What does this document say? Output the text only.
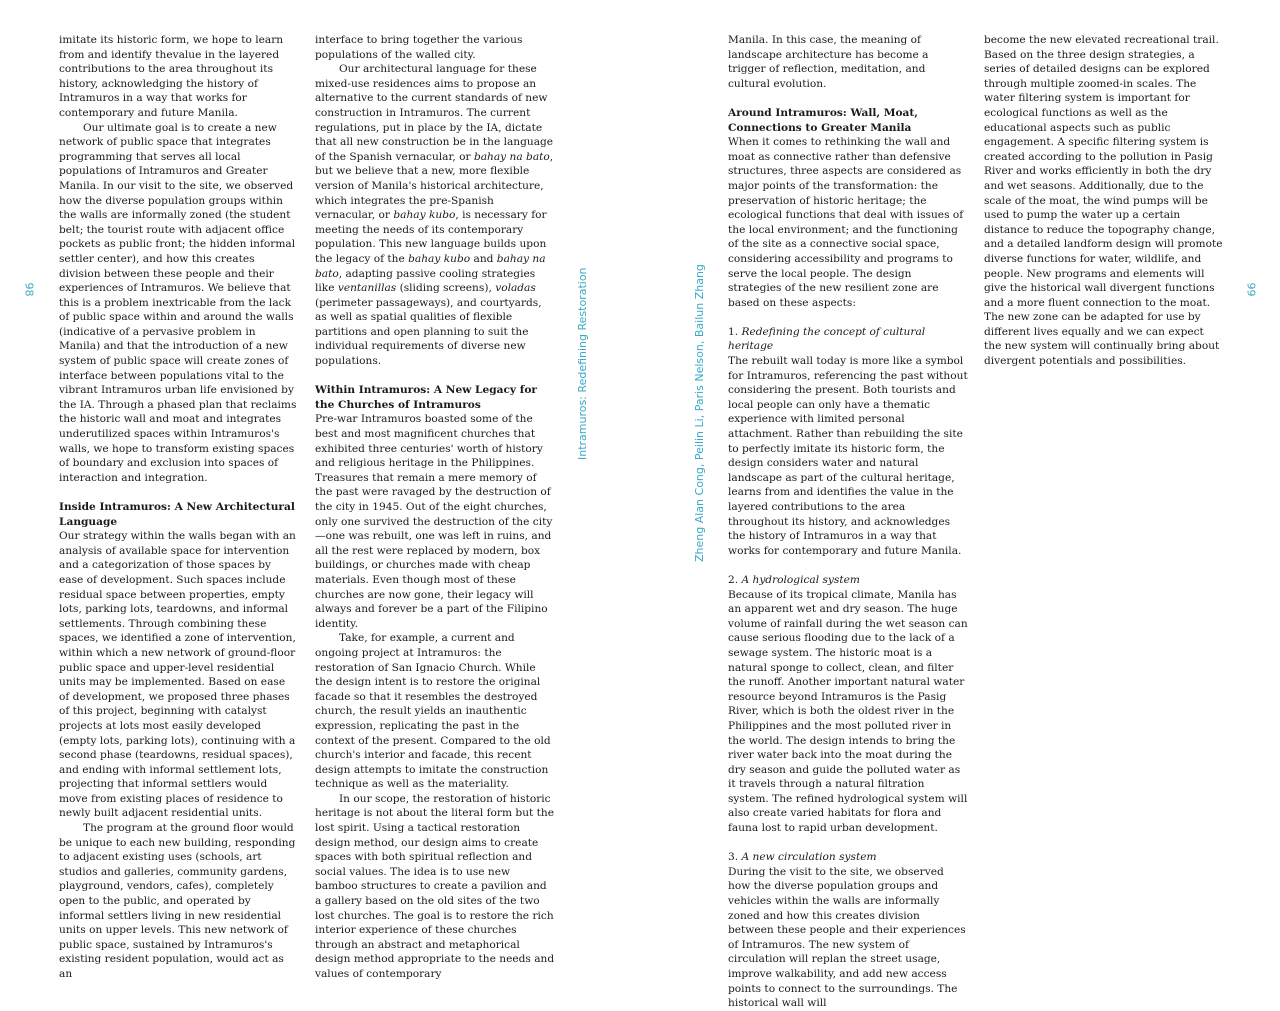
98	99
Intramuros: Redefining Restoration	Zheng Alan Cong, Peilin Li, Paris Nelson, Bailun Zhang

imitate its historic form, we hope to learn from and identify thevalue in the layered contributions to the area throughout its history, acknowledging the history of Intramuros in a way that works for contemporary and future Manila.

Our ultimate goal is to create a new network of public space that integrates programming that serves all local populations of Intramuros and Greater Manila. In our visit to the site, we observed how the diverse population groups within the walls are informally zoned (the student belt; the tourist route with adjacent office pockets as public front; the hidden informal settler center), and how this creates division between these people and their experiences of Intramuros. We believe that this is a problem inextricable from the lack of public space within and around the walls (indicative of a pervasive problem in Manila) and that the introduction of a new system of public space will create zones of interface between populations vital to the vibrant Intramuros urban life envisioned by the IA. Through a phased plan that reclaims the historic wall and moat and integrates underutilized spaces within Intramuros's walls, we hope to transform existing spaces of boundary and exclusion into spaces of interaction and integration.

Inside Intramuros: A New Architectural Language

Our strategy within the walls began with an analysis of available space for intervention and a categorization of those spaces by ease of development. Such spaces include residual space between properties, empty lots, parking lots, teardowns, and informal settlements. Through combining these spaces, we identified a zone of intervention, within which a new network of ground-floor public space and upper-level residential units may be implemented. Based on ease of development, we proposed three phases of this project, beginning with catalyst projects at lots most easily developed (empty lots, parking lots), continuing with a second phase (teardowns, residual spaces), and ending with informal settlement lots, projecting that informal settlers would move from existing places of residence to newly built adjacent residential units.

The program at the ground floor would be unique to each new building, responding to adjacent existing uses (schools, art studios and galleries, community gardens, playground, vendors, cafes), completely open to the public, and operated by informal settlers living in new residential units on upper levels. This new network of public space, sustained by Intramuros's existing resident population, would act as an

interface to bring together the various populations of the walled city.

Our architectural language for these mixed-use residences aims to propose an alternative to the current standards of new construction in Intramuros. The current regulations, put in place by the IA, dictate that all new construction be in the language of the Spanish vernacular, or bahay na bato, but we believe that a new, more flexible version of Manila's historical architecture, which integrates the pre-Spanish vernacular, or bahay kubo, is necessary for meeting the needs of its contemporary population. This new language builds upon the legacy of the bahay kubo and bahay na bato, adapting passive cooling strategies like ventanillas (sliding screens), voladas (perimeter passageways), and courtyards, as well as spatial qualities of flexible partitions and open planning to suit the individual requirements of diverse new populations.

Within Intramuros: A New Legacy for the Churches of Intramuros

Pre-war Intramuros boasted some of the best and most magnificent churches that exhibited three centuries' worth of history and religious heritage in the Philippines. Treasures that remain a mere memory of the past were ravaged by the destruction of the city in 1945. Out of the eight churches, only one survived the destruction of the city—one was rebuilt, one was left in ruins, and all the rest were replaced by modern, box buildings, or churches made with cheap materials. Even though most of these churches are now gone, their legacy will always and forever be a part of the Filipino identity.

Take, for example, a current and ongoing project at Intramuros: the restoration of San Ignacio Church. While the design intent is to restore the original facade so that it resembles the destroyed church, the result yields an inauthentic expression, replicating the past in the context of the present. Compared to the old church's interior and facade, this recent design attempts to imitate the construction technique as well as the materiality.

In our scope, the restoration of historic heritage is not about the literal form but the lost spirit. Using a tactical restoration design method, our design aims to create spaces with both spiritual reflection and social values. The idea is to use new bamboo structures to create a pavilion and a gallery based on the old sites of the two lost churches. The goal is to restore the rich interior experience of these churches through an abstract and metaphorical design method appropriate to the needs and values of contemporary

Manila. In this case, the meaning of landscape architecture has become a trigger of reflection, meditation, and cultural evolution.

Around Intramuros: Wall, Moat, Connections to Greater Manila

When it comes to rethinking the wall and moat as connective rather than defensive structures, three aspects are considered as major points of the transformation: the preservation of historic heritage; the ecological functions that deal with issues of the local environment; and the functioning of the site as a connective social space, considering accessibility and programs to serve the local people. The design strategies of the new resilient zone are based on these aspects:

1. Redefining the concept of cultural heritage

The rebuilt wall today is more like a symbol for Intramuros, referencing the past without considering the present. Both tourists and local people can only have a thematic experience with limited personal attachment. Rather than rebuilding the site to perfectly imitate its historic form, the design considers water and natural landscape as part of the cultural heritage, learns from and identifies the value in the layered contributions to the area throughout its history, and acknowledges the history of Intramuros in a way that works for contemporary and future Manila.

2. A hydrological system

Because of its tropical climate, Manila has an apparent wet and dry season. The huge volume of rainfall during the wet season can cause serious flooding due to the lack of a sewage system. The historic moat is a natural sponge to collect, clean, and filter the runoff. Another important natural water resource beyond Intramuros is the Pasig River, which is both the oldest river in the Philippines and the most polluted river in the world. The design intends to bring the river water back into the moat during the dry season and guide the polluted water as it travels through a natural filtration system. The refined hydrological system will also create varied habitats for flora and fauna lost to rapid urban development.

3. A new circulation system

During the visit to the site, we observed how the diverse population groups and vehicles within the walls are informally zoned and how this creates division between these people and their experiences of Intramuros. The new system of circulation will replan the street usage, improve walkability, and add new access points to connect to the surroundings. The historical wall will

become the new elevated recreational trail. Based on the three design strategies, a series of detailed designs can be explored through multiple zoomed-in scales. The water filtering system is important for ecological functions as well as the educational aspects such as public engagement. A specific filtering system is created according to the pollution in Pasig River and works efficiently in both the dry and wet seasons. Additionally, due to the scale of the moat, the wind pumps will be used to pump the water up a certain distance to reduce the topography change, and a detailed landform design will promote diverse functions for water, wildlife, and people. New programs and elements will give the historical wall divergent functions and a more fluent connection to the moat. The new zone can be adapted for use by different lives equally and we can expect the new system will continually bring about divergent potentials and possibilities.
